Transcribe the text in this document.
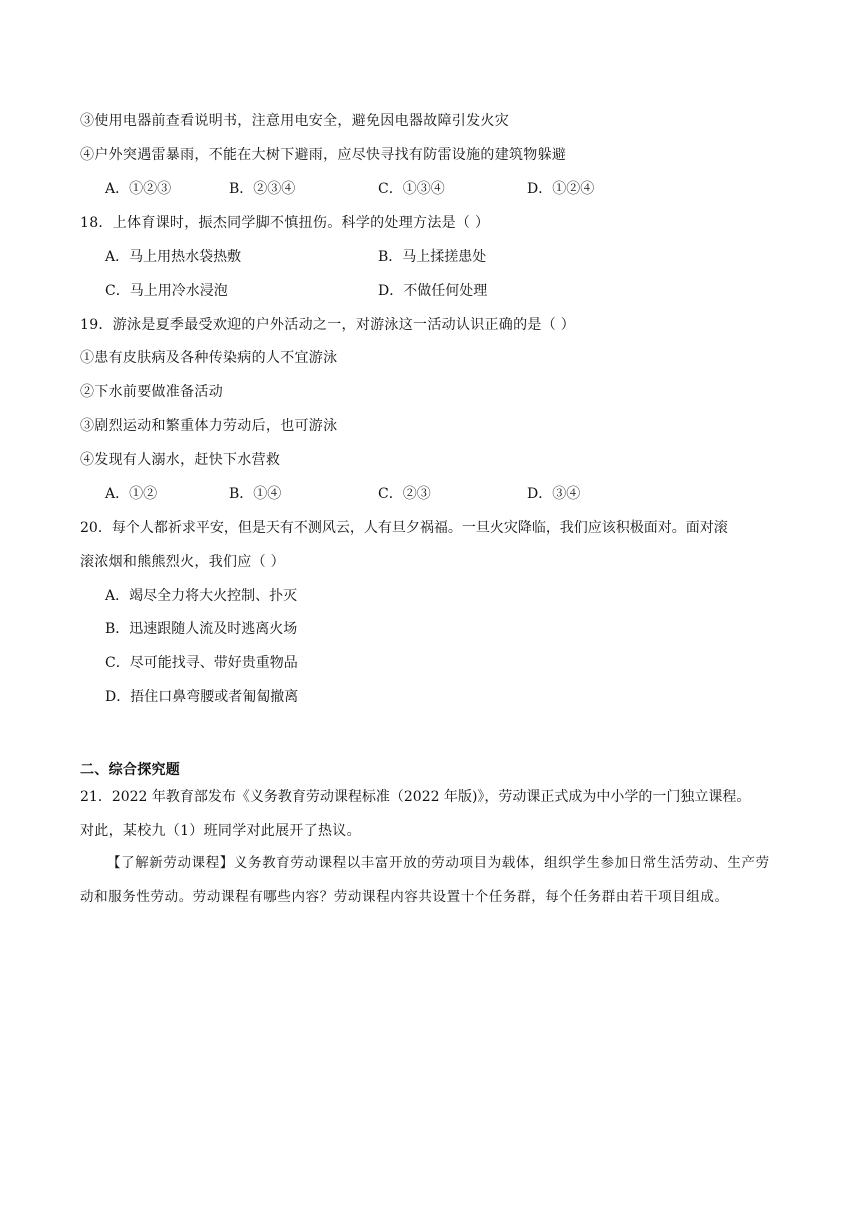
③使用电器前查看说明书，注意用电安全，避免因电器故障引发火灾
④户外突遇雷暴雨，不能在大树下避雨，应尽快寻找有防雷设施的建筑物躲避
A．①②③	B．②③④	C．①③④	D．①②④
18．上体育课时，振杰同学脚不慎扭伤。科学的处理方法是（ ）
A．马上用热水袋热敷	B．马上揉搓患处
C．马上用冷水浸泡	D．不做任何处理
19．游泳是夏季最受欢迎的户外活动之一，对游泳这一活动认识正确的是（ ）
①患有皮肤病及各种传染病的人不宜游泳
②下水前要做准备活动
③剧烈运动和繁重体力劳动后，也可游泳
④发现有人溺水，赶快下水营救
A．①②	B．①④	C．②③	D．③④
20．每个人都祈求平安，但是天有不测风云，人有旦夕祸福。一旦火灾降临，我们应该积极面对。面对滚
滚浓烟和熊熊烈火，我们应（ ）
A．竭尽全力将大火控制、扑灭
B．迅速跟随人流及时逃离火场
C．尽可能找寻、带好贵重物品
D．捂住口鼻弯腰或者匍匐撤离
二、综合探究题
21．2022 年教育部发布《义务教育劳动课程标准（2022 年版)》，劳动课正式成为中小学的一门独立课程。
对此，某校九（1）班同学对此展开了热议。
【了解新劳动课程】义务教育劳动课程以丰富开放的劳动项目为载体，组织学生参加日常生活劳动、生产劳动和服务性劳动。劳动课程有哪些内容？劳动课程内容共设置十个任务群，每个任务群由若干项目组成。
